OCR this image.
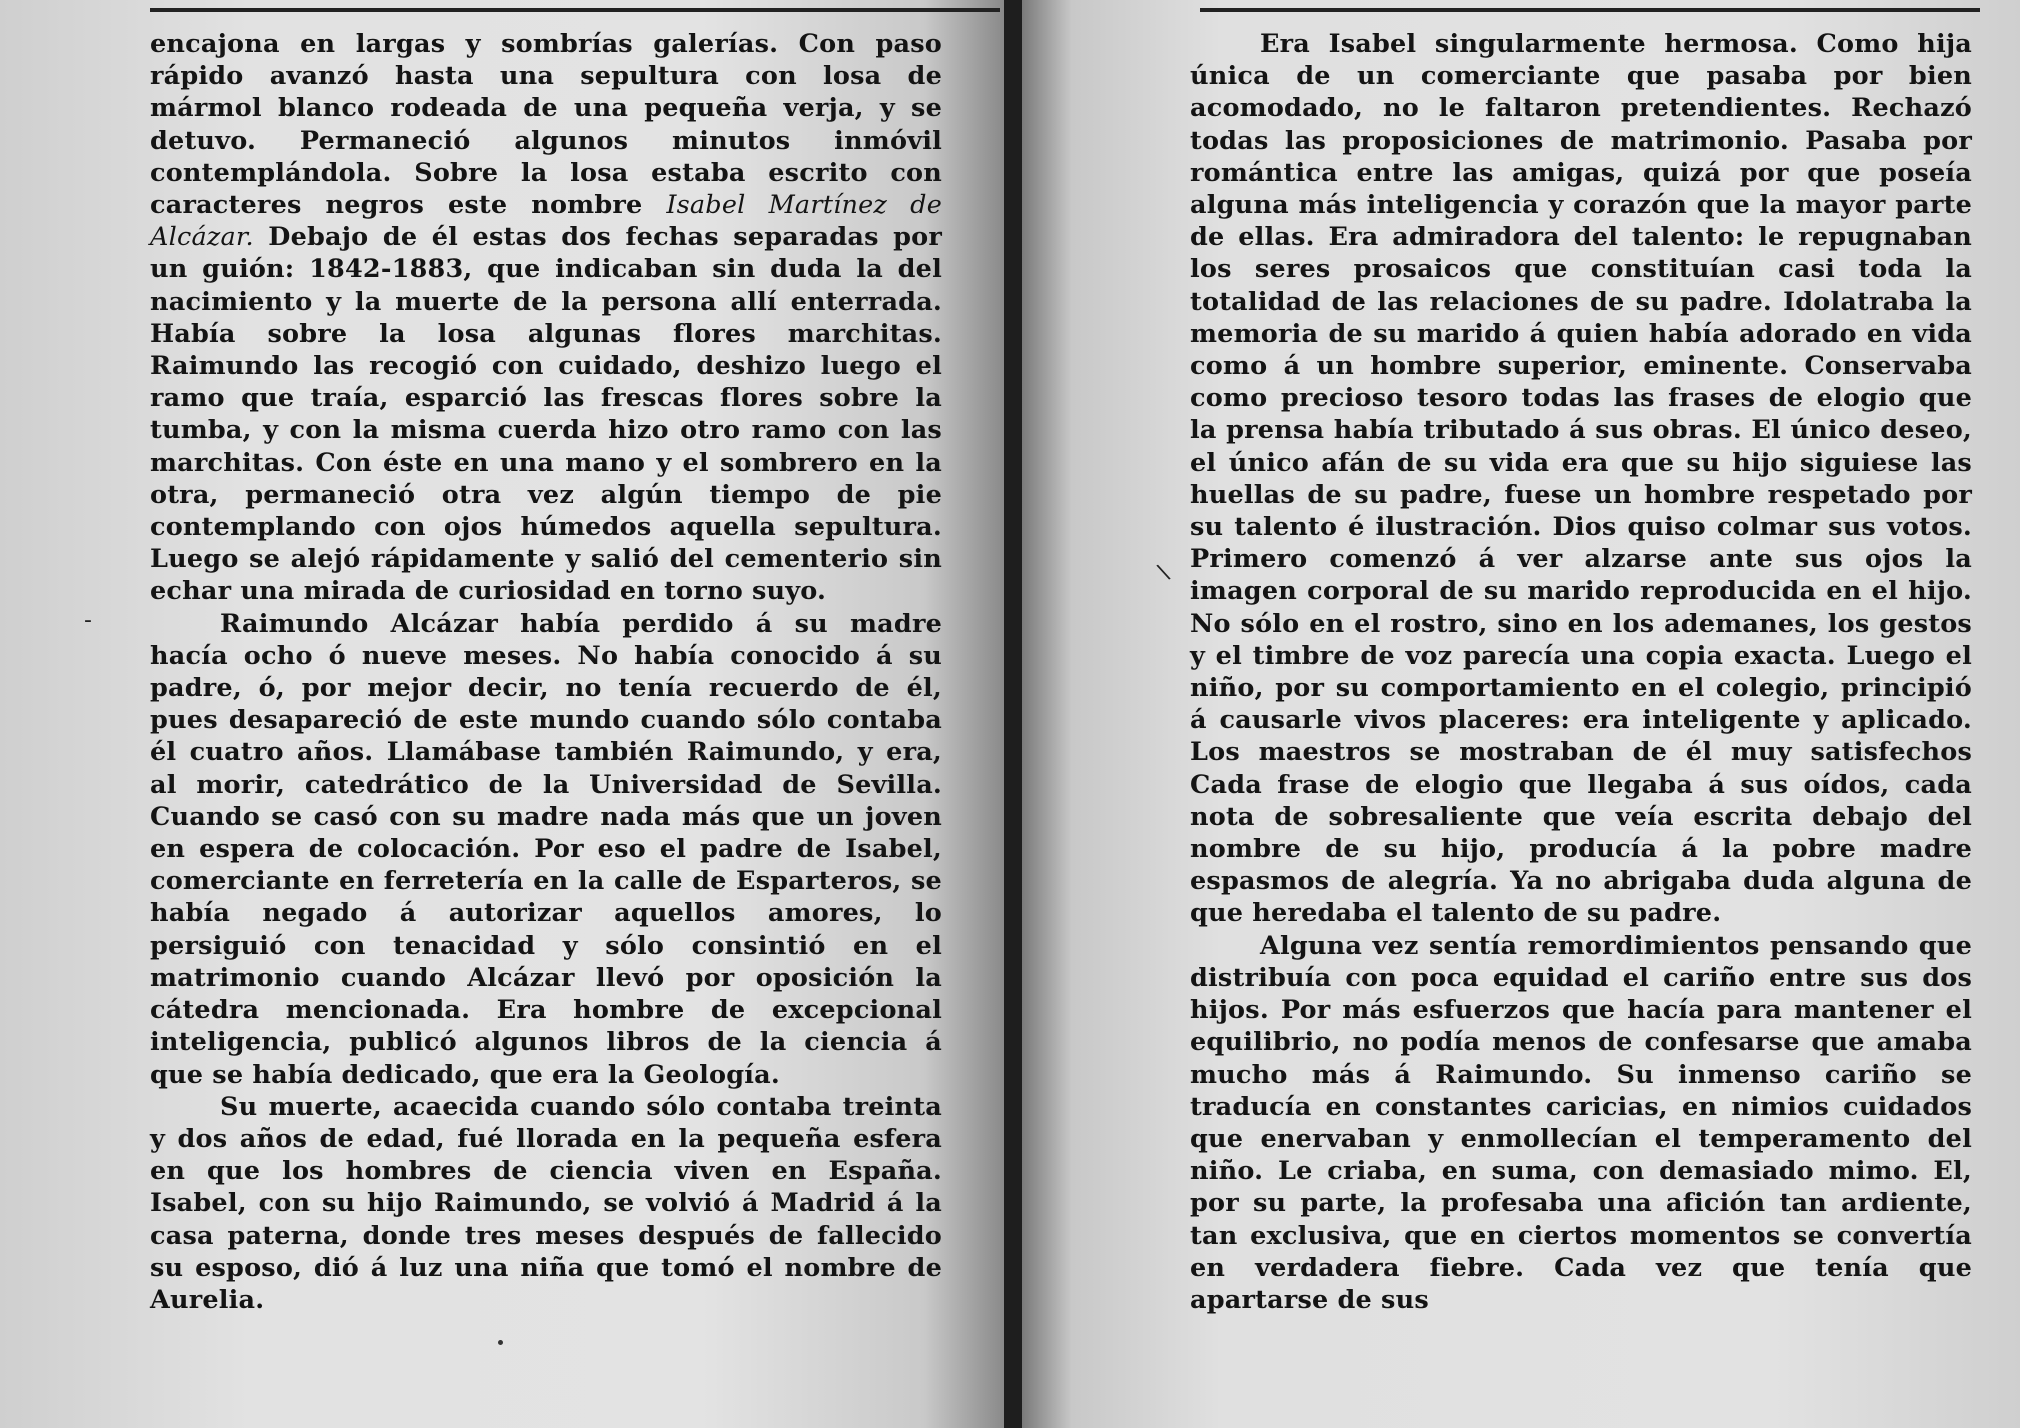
encajona en largas y sombrías galerías. Con paso rápido avanzó hasta una sepultura con losa de mármol blanco rodeada de una pequeña verja, y se detuvo. Permaneció algunos minutos inmóvil contemplándola. Sobre la losa estaba escrito con caracteres negros este nombre Isabel Martínez de Alcázar. Debajo de él estas dos fechas separadas por un guión: 1842-1883, que indicaban sin duda la del nacimiento y la muerte de la persona allí enterrada. Había sobre la losa algunas flores marchitas. Raimundo las recogió con cuidado, deshizo luego el ramo que traía, esparció las frescas flores sobre la tumba, y con la misma cuerda hizo otro ramo con las marchitas. Con éste en una mano y el sombrero en la otra, permaneció otra vez algún tiempo de pie contemplando con ojos húmedos aquella sepultura. Luego se alejó rápidamente y salió del cementerio sin echar una mirada de curiosidad en torno suyo.

Raimundo Alcázar había perdido á su madre hacía ocho ó nueve meses. No había conocido á su padre, ó, por mejor decir, no tenía recuerdo de él, pues desapareció de este mundo cuando sólo contaba él cuatro años. Llamábase también Raimundo, y era, al morir, catedrático de la Universidad de Sevilla. Cuando se casó con su madre nada más que un joven en espera de colocación. Por eso el padre de Isabel, comerciante en ferretería en la calle de Esparteros, se había negado á autorizar aquellos amores, lo persiguió con tenacidad y sólo consintió en el matrimonio cuando Alcázar llevó por oposición la cátedra mencionada. Era hombre de excepcional inteligencia, publicó algunos libros de la ciencia á que se había dedicado, que era la Geología.

Su muerte, acaecida cuando sólo contaba treinta y dos años de edad, fué llorada en la pequeña esfera en que los hombres de ciencia viven en España. Isabel, con su hijo Raimundo, se volvió á Madrid á la casa paterna, donde tres meses después de fallecido su esposo, dió á luz una niña que tomó el nombre de Aurelia.

-

Era Isabel singularmente hermosa. Como hija única de un comerciante que pasaba por bien acomodado, no le faltaron pretendientes. Rechazó todas las proposiciones de matrimonio. Pasaba por romántica entre las amigas, quizá por que poseía alguna más inteligencia y corazón que la mayor parte de ellas. Era admiradora del talento: le repugnaban los seres prosaicos que constituían casi toda la totalidad de las relaciones de su padre. Idolatraba la memoria de su marido á quien había adorado en vida como á un hombre superior, eminente. Conservaba como precioso tesoro todas las frases de elogio que la prensa había tributado á sus obras. El único deseo, el único afán de su vida era que su hijo siguiese las huellas de su padre, fuese un hombre respetado por su talento é ilustración. Dios quiso colmar sus votos. Primero comenzó á ver alzarse ante sus ojos la imagen corporal de su marido reproducida en el hijo. No sólo en el rostro, sino en los ademanes, los gestos y el timbre de voz parecía una copia exacta. Luego el niño, por su comportamiento en el colegio, principió á causarle vivos placeres: era inteligente y aplicado. Los maestros se mostraban de él muy satisfechos Cada frase de elogio que llegaba á sus oídos, cada nota de sobresaliente que veía escrita debajo del nombre de su hijo, producía á la pobre madre espasmos de alegría. Ya no abrigaba duda alguna de que heredaba el talento de su padre.

Alguna vez sentía remordimientos pensando que distribuía con poca equidad el cariño entre sus dos hijos. Por más esfuerzos que hacía para mantener el equilibrio, no podía menos de confesarse que amaba mucho más á Raimundo. Su inmenso cariño se traducía en constantes caricias, en nimios cuidados que enervaban y enmollecían el temperamento del niño. Le criaba, en suma, con demasiado mimo. El, por su parte, la profesaba una afición tan ardiente, tan exclusiva, que en ciertos momentos se convertía en verdadera fiebre. Cada vez que tenía que apartarse de sus

\
